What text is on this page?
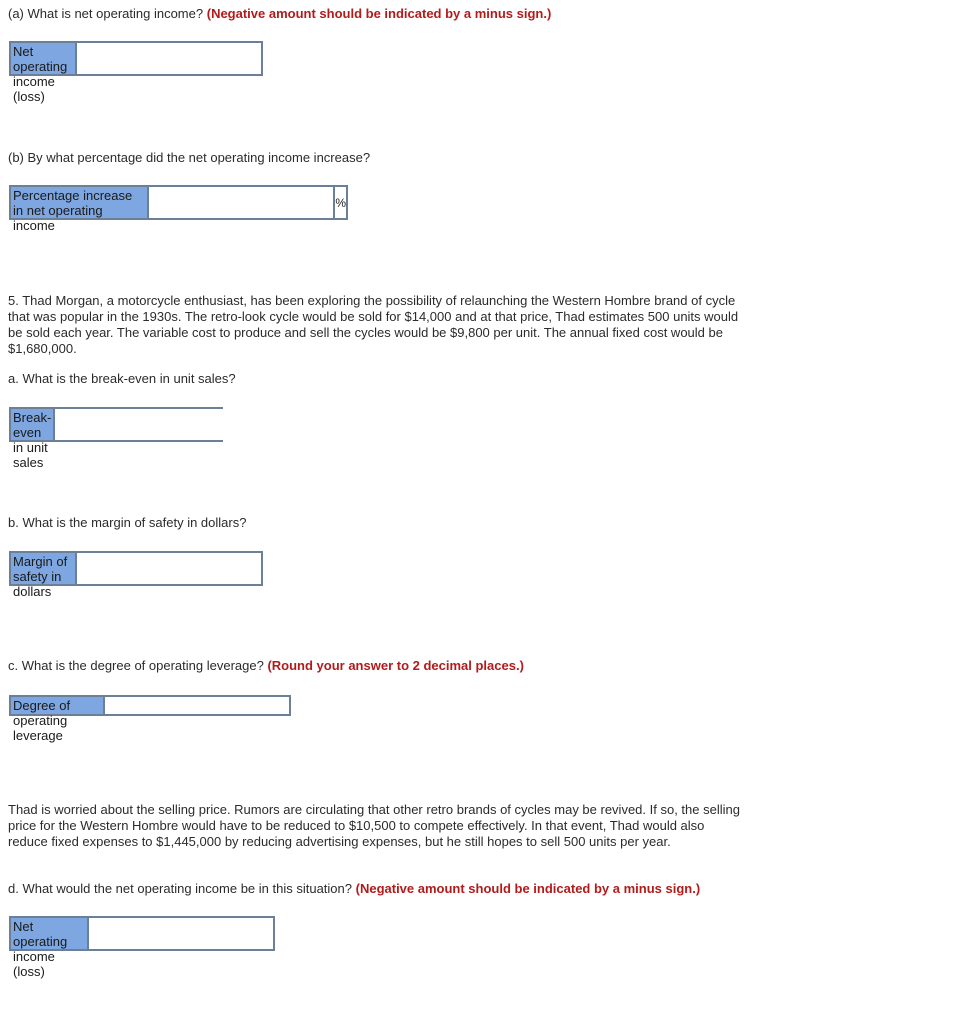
(a) What is net operating income? (Negative amount should be indicated by a minus sign.)
Net operating income (loss)
(b) By what percentage did the net operating income increase?
Percentage increase in net operating income
%
5. Thad Morgan, a motorcycle enthusiast, has been exploring the possibility of relaunching the Western Hombre brand of cycle that was popular in the 1930s. The retro-look cycle would be sold for $14,000 and at that price, Thad estimates 500 units would be sold each year. The variable cost to produce and sell the cycles would be $9,800 per unit. The annual fixed cost would be $1,680,000.
a. What is the break-even in unit sales?
Break-even in unit sales
b. What is the margin of safety in dollars?
Margin of safety in dollars
c. What is the degree of operating leverage? (Round your answer to 2 decimal places.)
Degree of operating leverage
Thad is worried about the selling price. Rumors are circulating that other retro brands of cycles may be revived. If so, the selling price for the Western Hombre would have to be reduced to $10,500 to compete effectively. In that event, Thad would also reduce fixed expenses to $1,445,000 by reducing advertising expenses, but he still hopes to sell 500 units per year.
d. What would the net operating income be in this situation? (Negative amount should be indicated by a minus sign.)
Net operating income (loss)
